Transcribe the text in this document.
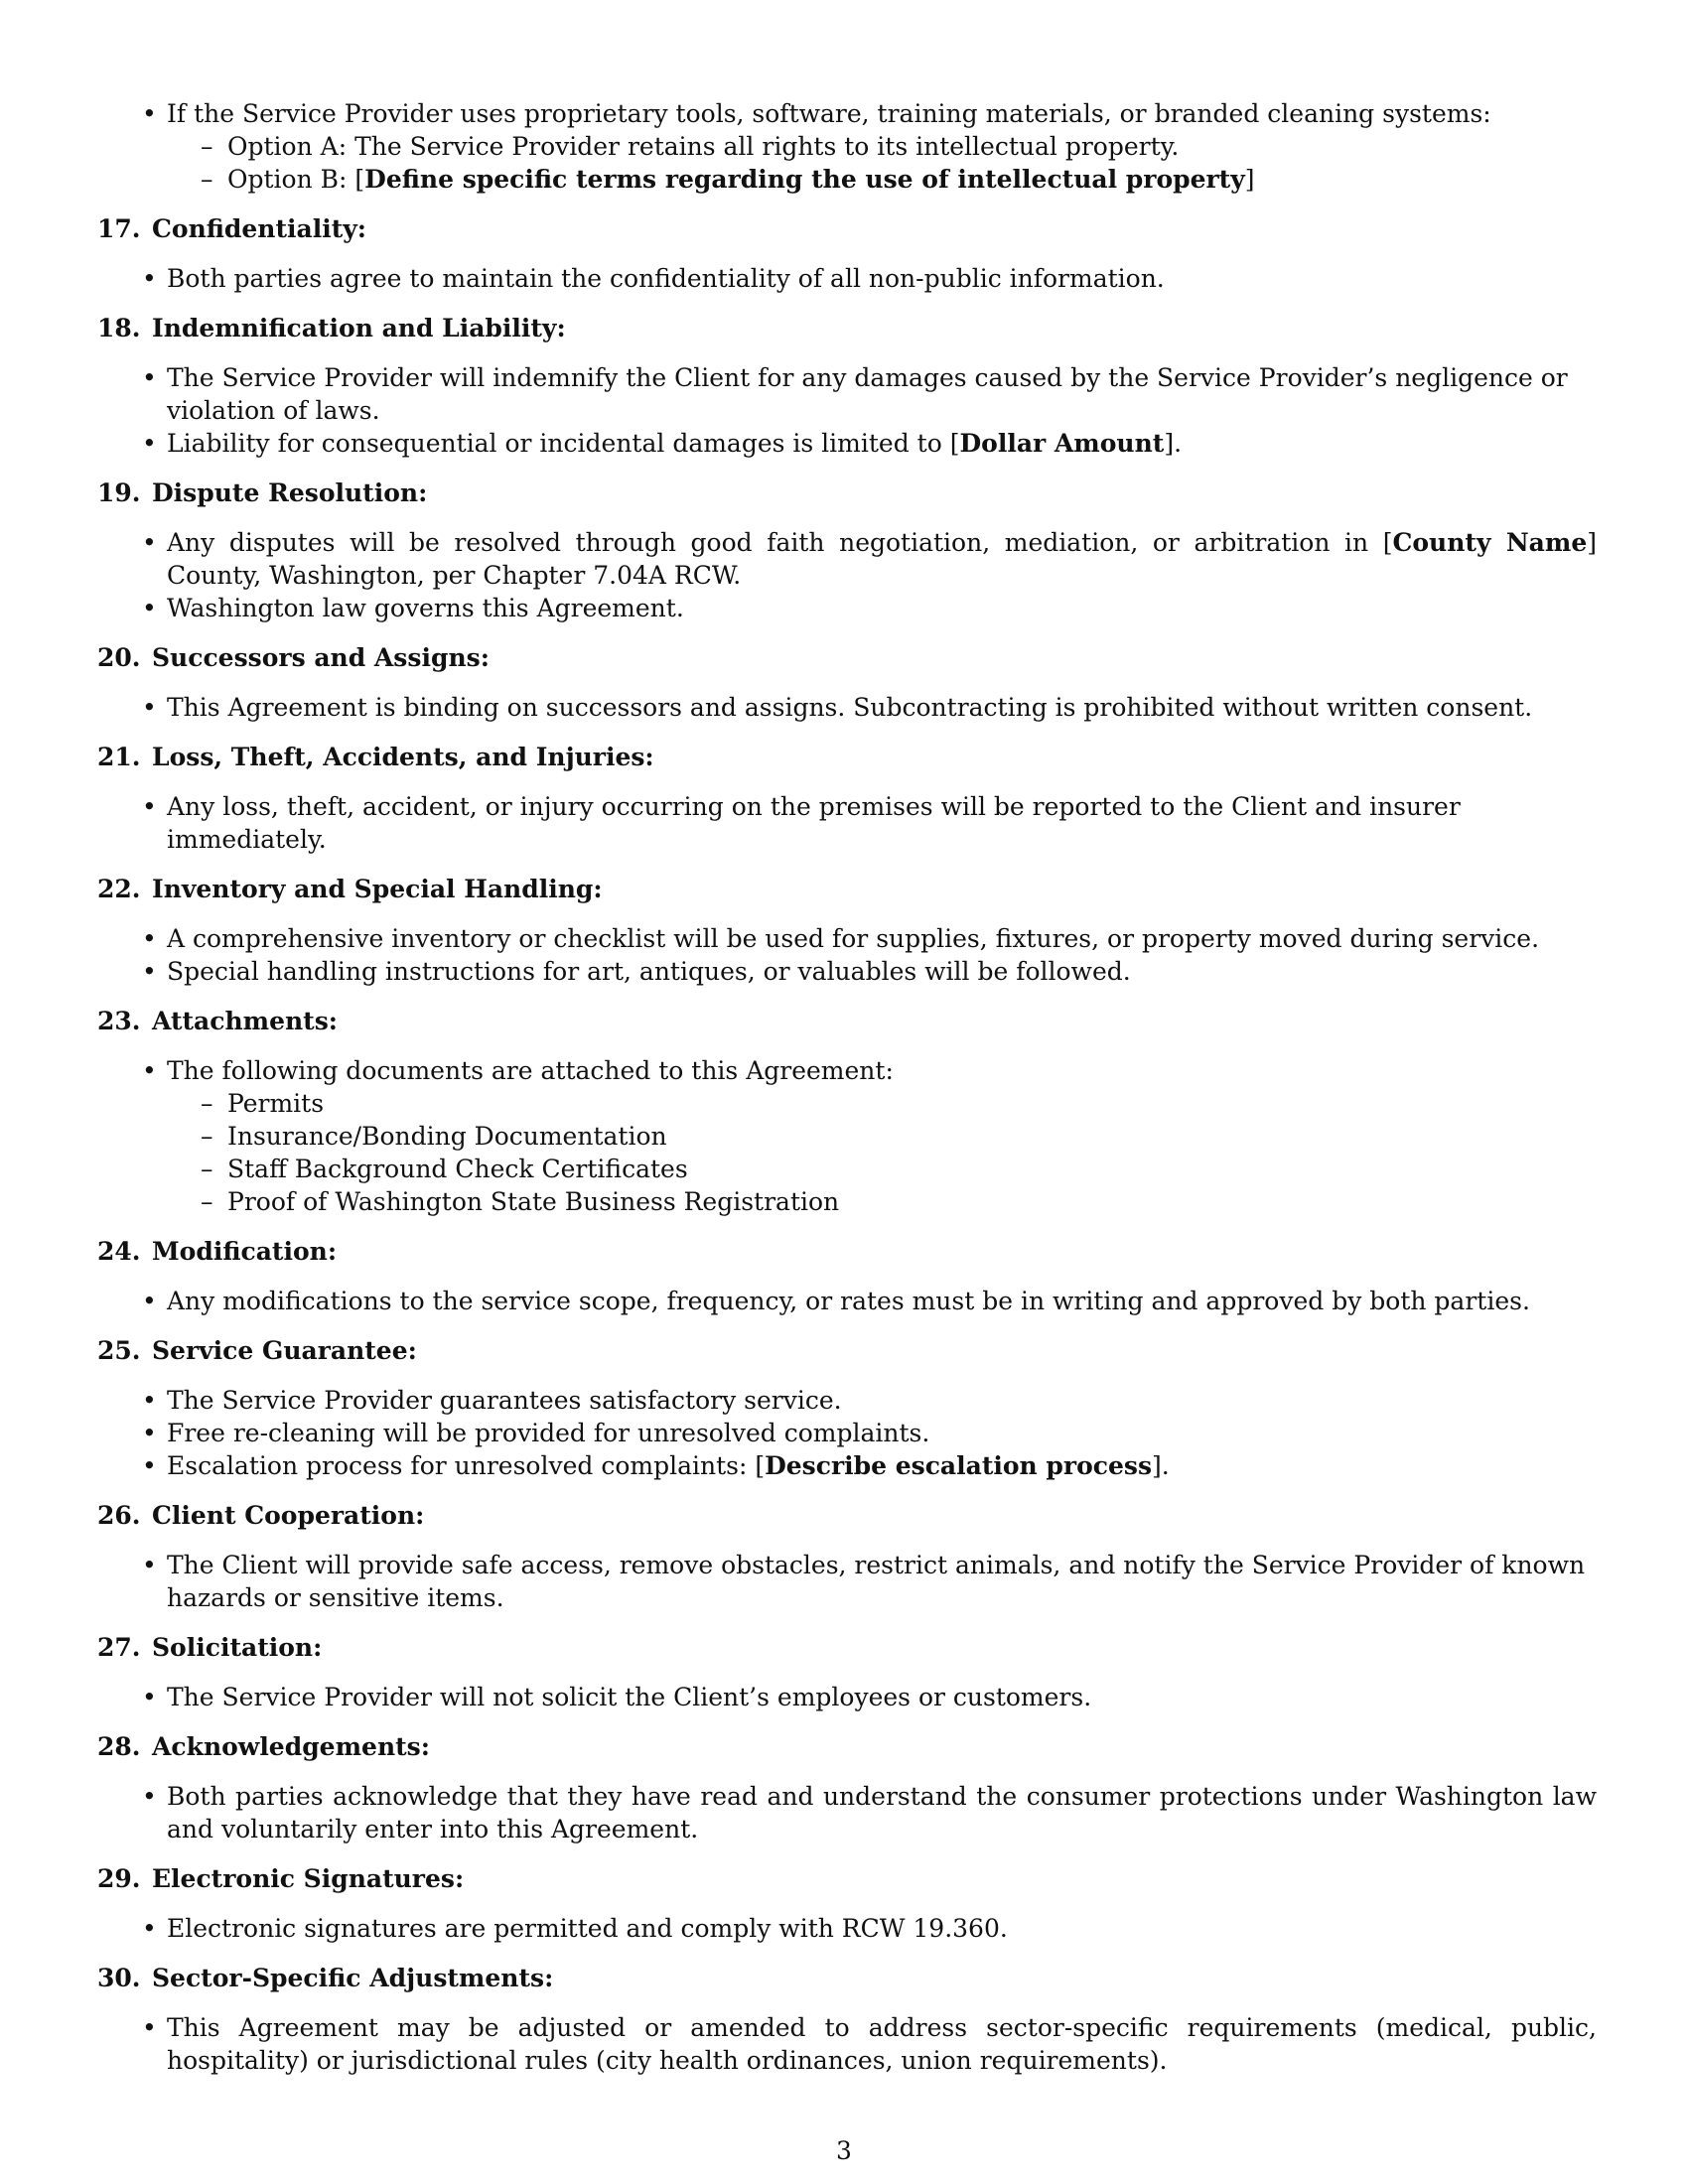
• If the Service Provider uses proprietary tools, software, training materials, or branded cleaning systems:
– Option A: The Service Provider retains all rights to its intellectual property.
– Option B: [Define specific terms regarding the use of intellectual property]
17. Confidentiality:
• Both parties agree to maintain the confidentiality of all non-public information.
18. Indemnification and Liability:
• The Service Provider will indemnify the Client for any damages caused by the Service Provider’s negligence or violation of laws.
• Liability for consequential or incidental damages is limited to [Dollar Amount].
19. Dispute Resolution:
• Any disputes will be resolved through good faith negotiation, mediation, or arbitration in [County Name] County, Washington, per Chapter 7.04A RCW.
• Washington law governs this Agreement.
20. Successors and Assigns:
• This Agreement is binding on successors and assigns. Subcontracting is prohibited without written consent.
21. Loss, Theft, Accidents, and Injuries:
• Any loss, theft, accident, or injury occurring on the premises will be reported to the Client and insurer immediately.
22. Inventory and Special Handling:
• A comprehensive inventory or checklist will be used for supplies, fixtures, or property moved during service.
• Special handling instructions for art, antiques, or valuables will be followed.
23. Attachments:
• The following documents are attached to this Agreement:
– Permits
– Insurance/Bonding Documentation
– Staff Background Check Certificates
– Proof of Washington State Business Registration
24. Modification:
• Any modifications to the service scope, frequency, or rates must be in writing and approved by both parties.
25. Service Guarantee:
• The Service Provider guarantees satisfactory service.
• Free re-cleaning will be provided for unresolved complaints.
• Escalation process for unresolved complaints: [Describe escalation process].
26. Client Cooperation:
• The Client will provide safe access, remove obstacles, restrict animals, and notify the Service Provider of known hazards or sensitive items.
27. Solicitation:
• The Service Provider will not solicit the Client’s employees or customers.
28. Acknowledgements:
• Both parties acknowledge that they have read and understand the consumer protections under Washington law and voluntarily enter into this Agreement.
29. Electronic Signatures:
• Electronic signatures are permitted and comply with RCW 19.360.
30. Sector-Specific Adjustments:
• This Agreement may be adjusted or amended to address sector-specific requirements (medical, public, hospitality) or jurisdictional rules (city health ordinances, union requirements).
3
